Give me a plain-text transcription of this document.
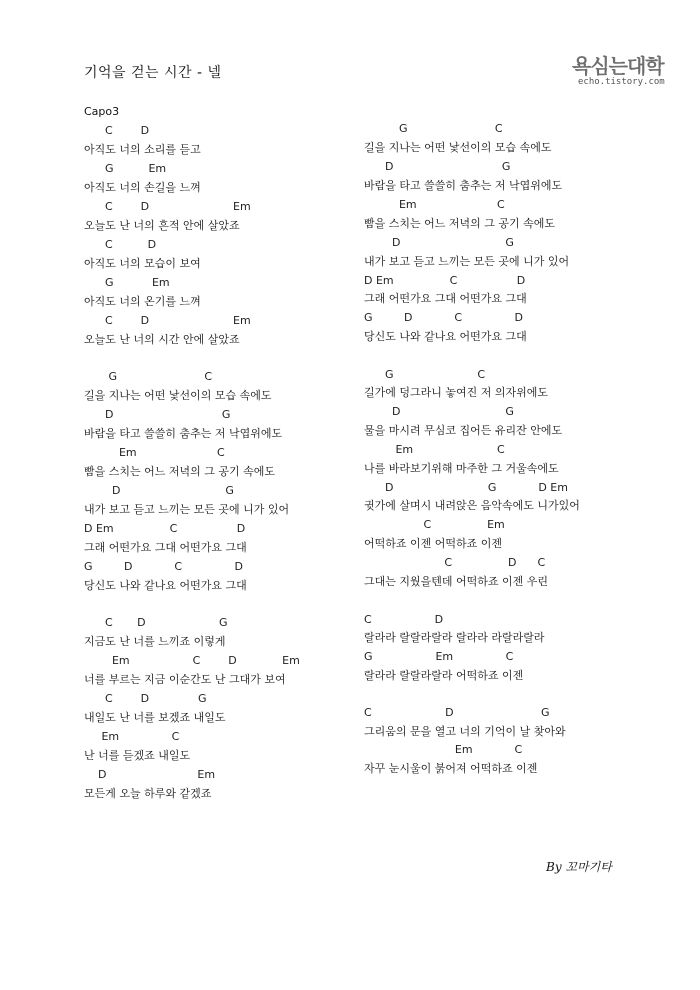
기억을 걷는 시간 - 넬
Capo3
욕심는대학
echo.tistory.com
C        D
아직도 너의 소리를 듣고
G          Em
아직도 너의 손길을 느껴
C        D                        Em
오늘도 난 너의 흔적 안에 살았죠
C          D
아직도 너의 모습이 보여
G           Em
아직도 너의 온기를 느껴
C        D                        Em
오늘도 난 너의 시간 안에 살았죠
G                         C
길을 지나는 어떤 낯선이의 모습 속에도
D                               G
바람을 타고 쓸쓸히 춤추는 저 낙엽위에도
Em                       C
빰을 스치는 어느 저녁의 그 공기 속에도
D                              G
내가 보고 듣고 느끼는 모든 곳에 니가 있어
D Em                C                 D
그래 어떤가요 그대 어떤가요 그대
G         D            C               D
당신도 나와 같나요 어떤가요 그대
C       D                     G
지금도 난 너를 느끼죠 이렇게
Em                  C        D             Em
너를 부르는 지금 이순간도 난 그대가 보여
C        D              G
내일도 난 너를 보겠죠 내일도
Em               C
난 너를 듣겠죠 내일도
D                          Em
모든게 오늘 하루와 같겠죠
G                         C
길을 지나는 어떤 낯선이의 모습 속에도
D                               G
바람을 타고 쓸쓸히 춤추는 저 낙엽위에도
Em                       C
빰을 스치는 어느 저녁의 그 공기 속에도
D                              G
내가 보고 듣고 느끼는 모든 곳에 니가 있어
D Em                C                 D
그래 어떤가요 그대 어떤가요 그대
G         D            C               D
당신도 나와 같나요 어떤가요 그대
G                        C
길가에 덩그라니 놓여진 저 의자위에도
D                              G
물을 마시려 무심코 집어든 유리잔 안에도
Em                        C
나를 바라보기위해 마주한 그 거울속에도
D                           G            D Em
귓가에 살며시 내려앉은 음악속에도 니가있어
C                Em
어떡하죠 이젠 어떡하죠 이젠
C                D      C
그대는 지웠을텐데 어떡하죠 이젠 우린
C                  D
랄라라 랄랄라랄라 랄라라 라랄라랄라
G                  Em               C
랄라라 랄랄라랄라 어떡하죠 이젠
C                     D                         G
그리움의 문을 열고 너의 기억이 날 찾아와
Em            C
자꾸 눈시울이 붉어져 어떡하죠 이젠
By 꼬마기타
